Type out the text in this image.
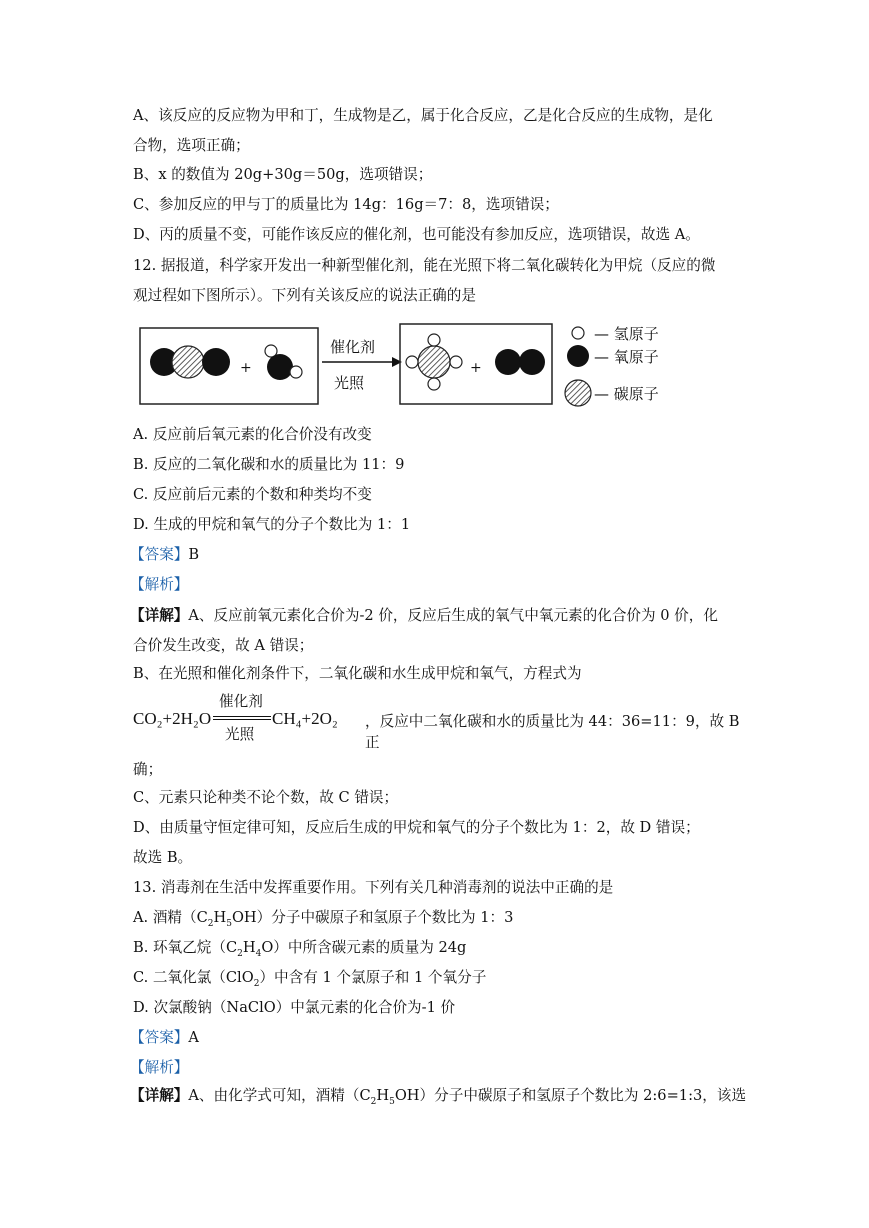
A、该反应的反应物为甲和丁，生成物是乙，属于化合反应，乙是化合反应的生成物，是化
合物，选项正确；
B、x 的数值为 20g+30g＝50g，选项错误；
C、参加反应的甲与丁的质量比为 14g：16g＝7：8，选项错误；
D、丙的质量不变，可能作该反应的催化剂，也可能没有参加反应，选项错误，故选 A。
12. 据报道，科学家开发出一种新型催化剂，能在光照下将二氧化碳转化为甲烷（反应的微
观过程如下图所示）。下列有关该反应的说法正确的是
+
催化剂
光照
+
— 氢原子
— 氧原子
— 碳原子
A. 反应前后氧元素的化合价没有改变
B. 反应的二氧化碳和水的质量比为 11：9
C. 反应前后元素的个数和种类均不变
D. 生成的甲烷和氧气的分子个数比为 1：1
【答案】B
【解析】
【详解】A、反应前氧元素化合价为-2 价，反应后生成的氧气中氧元素的化合价为 0 价，化
合价发生改变，故 A 错误；
B、在光照和催化剂条件下，二氧化碳和水生成甲烷和氧气，方程式为
CO₂+2H₂O
催化剂
光照
CH₄+2O₂ ，反应中二氧化碳和水的质量比为 44：36=11：9，故 B 正
确；
C、元素只论种类不论个数，故 C 错误；
D、由质量守恒定律可知，反应后生成的甲烷和氧气的分子个数比为 1：2，故 D 错误；
故选 B。
13. 消毒剂在生活中发挥重要作用。下列有关几种消毒剂的说法中正确的是
A. 酒精$(C_2H_5OH)$分子中碳原子和氢原子个数比为 1：3
B. 环氧乙烷$(C_2H_4O)$中所含碳元素的质量为 24g
C. 二氧化氯（ClO$_2$）中含有 1 个氯原子和 1 个氧分子
D. 次氯酸钠（NaClO）中氯元素的化合价为-1 价
【答案】A
【解析】
【详解】A、由化学式可知，酒精$(C_2H_5OH)$分子中碳原子和氢原子个数比为 2:6=1:3，该选
